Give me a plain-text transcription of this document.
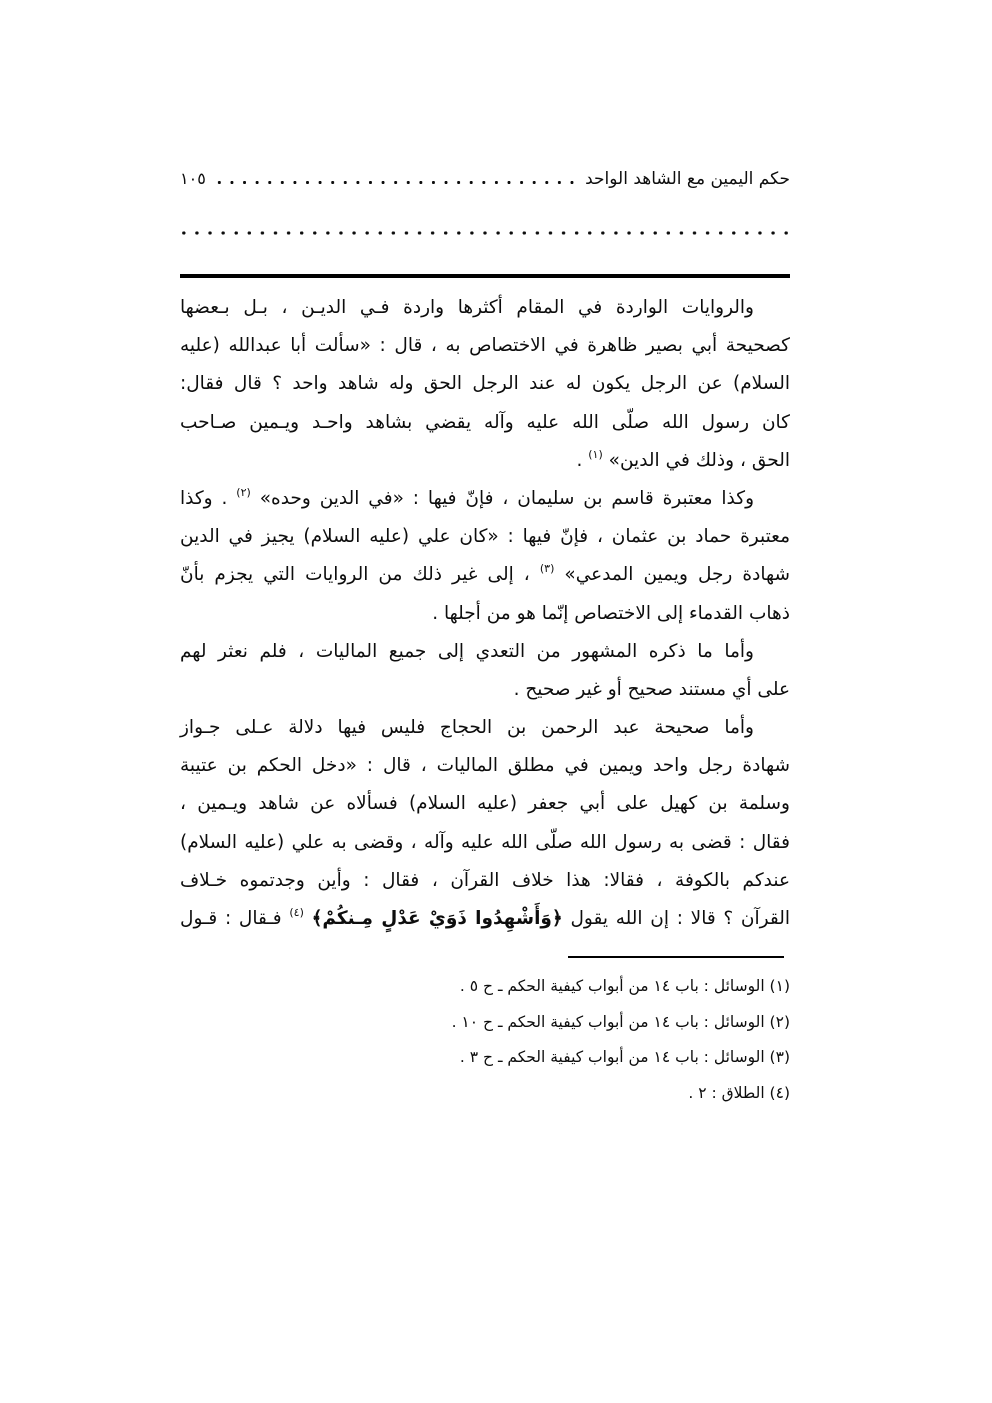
حكم اليمين مع الشاهد الواحد
١٠٥
والروايات الواردة في المقام أكثرها واردة فـي الديـن ، بـل بـعضها
كصحيحة أبي بصير ظاهرة في الاختصاص به ، قال : «سألت أبا عبدالله (عليه
السلام) عن الرجل يكون له عند الرجل الحق وله شاهد واحد ؟ قال فقال:
كان رسول الله صلّى الله عليه وآله يقضي بشاهد واحـد ويـمين صـاحب
الحق ، وذلك في الدين» $^{(١)}$ .
وكذا معتبرة قاسم بن سليمان ، فإنّ فيها : «في الدين وحده» $^{(٢)}$ . وكذا
معتبرة حماد بن عثمان ، فإنّ فيها : «كان علي (عليه السلام) يجيز في الدين
شهادة رجل ويمين المدعي» $^{(٣)}$ ، إلى غير ذلك من الروايات التي يجزم بأنّ
ذهاب القدماء إلى الاختصاص إنّما هو من أجلها .
وأما ما ذكره المشهور من التعدي إلى جميع الماليات ، فلم نعثر لهم
على أي مستند صحيح أو غير صحيح .
وأما صحيحة عبد الرحمن بن الحجاج فليس فيها دلالة عـلى جـواز
شهادة رجل واحد ويمين في مطلق الماليات ، قال : «دخل الحكم بن عتيبة
وسلمة بن كهيل على أبي جعفر (عليه السلام) فسألاه عن شاهد ويـمين ،
فقال : قضى به رسول الله صلّى الله عليه وآله ، وقضى به علي (عليه السلام)
عندكم بالكوفة ، فقالا: هذا خلاف القرآن ، فقال : وأين وجدتموه خـلاف
القرآن ؟ قالا : إن الله يقول ﴿وَأَشْهِدُوا ذَوَيْ عَدْلٍ مِـنكُمْ﴾ $^{(٤)}$ فـقال : قـول
(١) الوسائل : باب ١٤ من أبواب كيفية الحكم ـ ح ٥ .
(٢) الوسائل : باب ١٤ من أبواب كيفية الحكم ـ ح ١٠ .
(٣) الوسائل : باب ١٤ من أبواب كيفية الحكم ـ ح ٣ .
(٤) الطلاق : ٢ .
